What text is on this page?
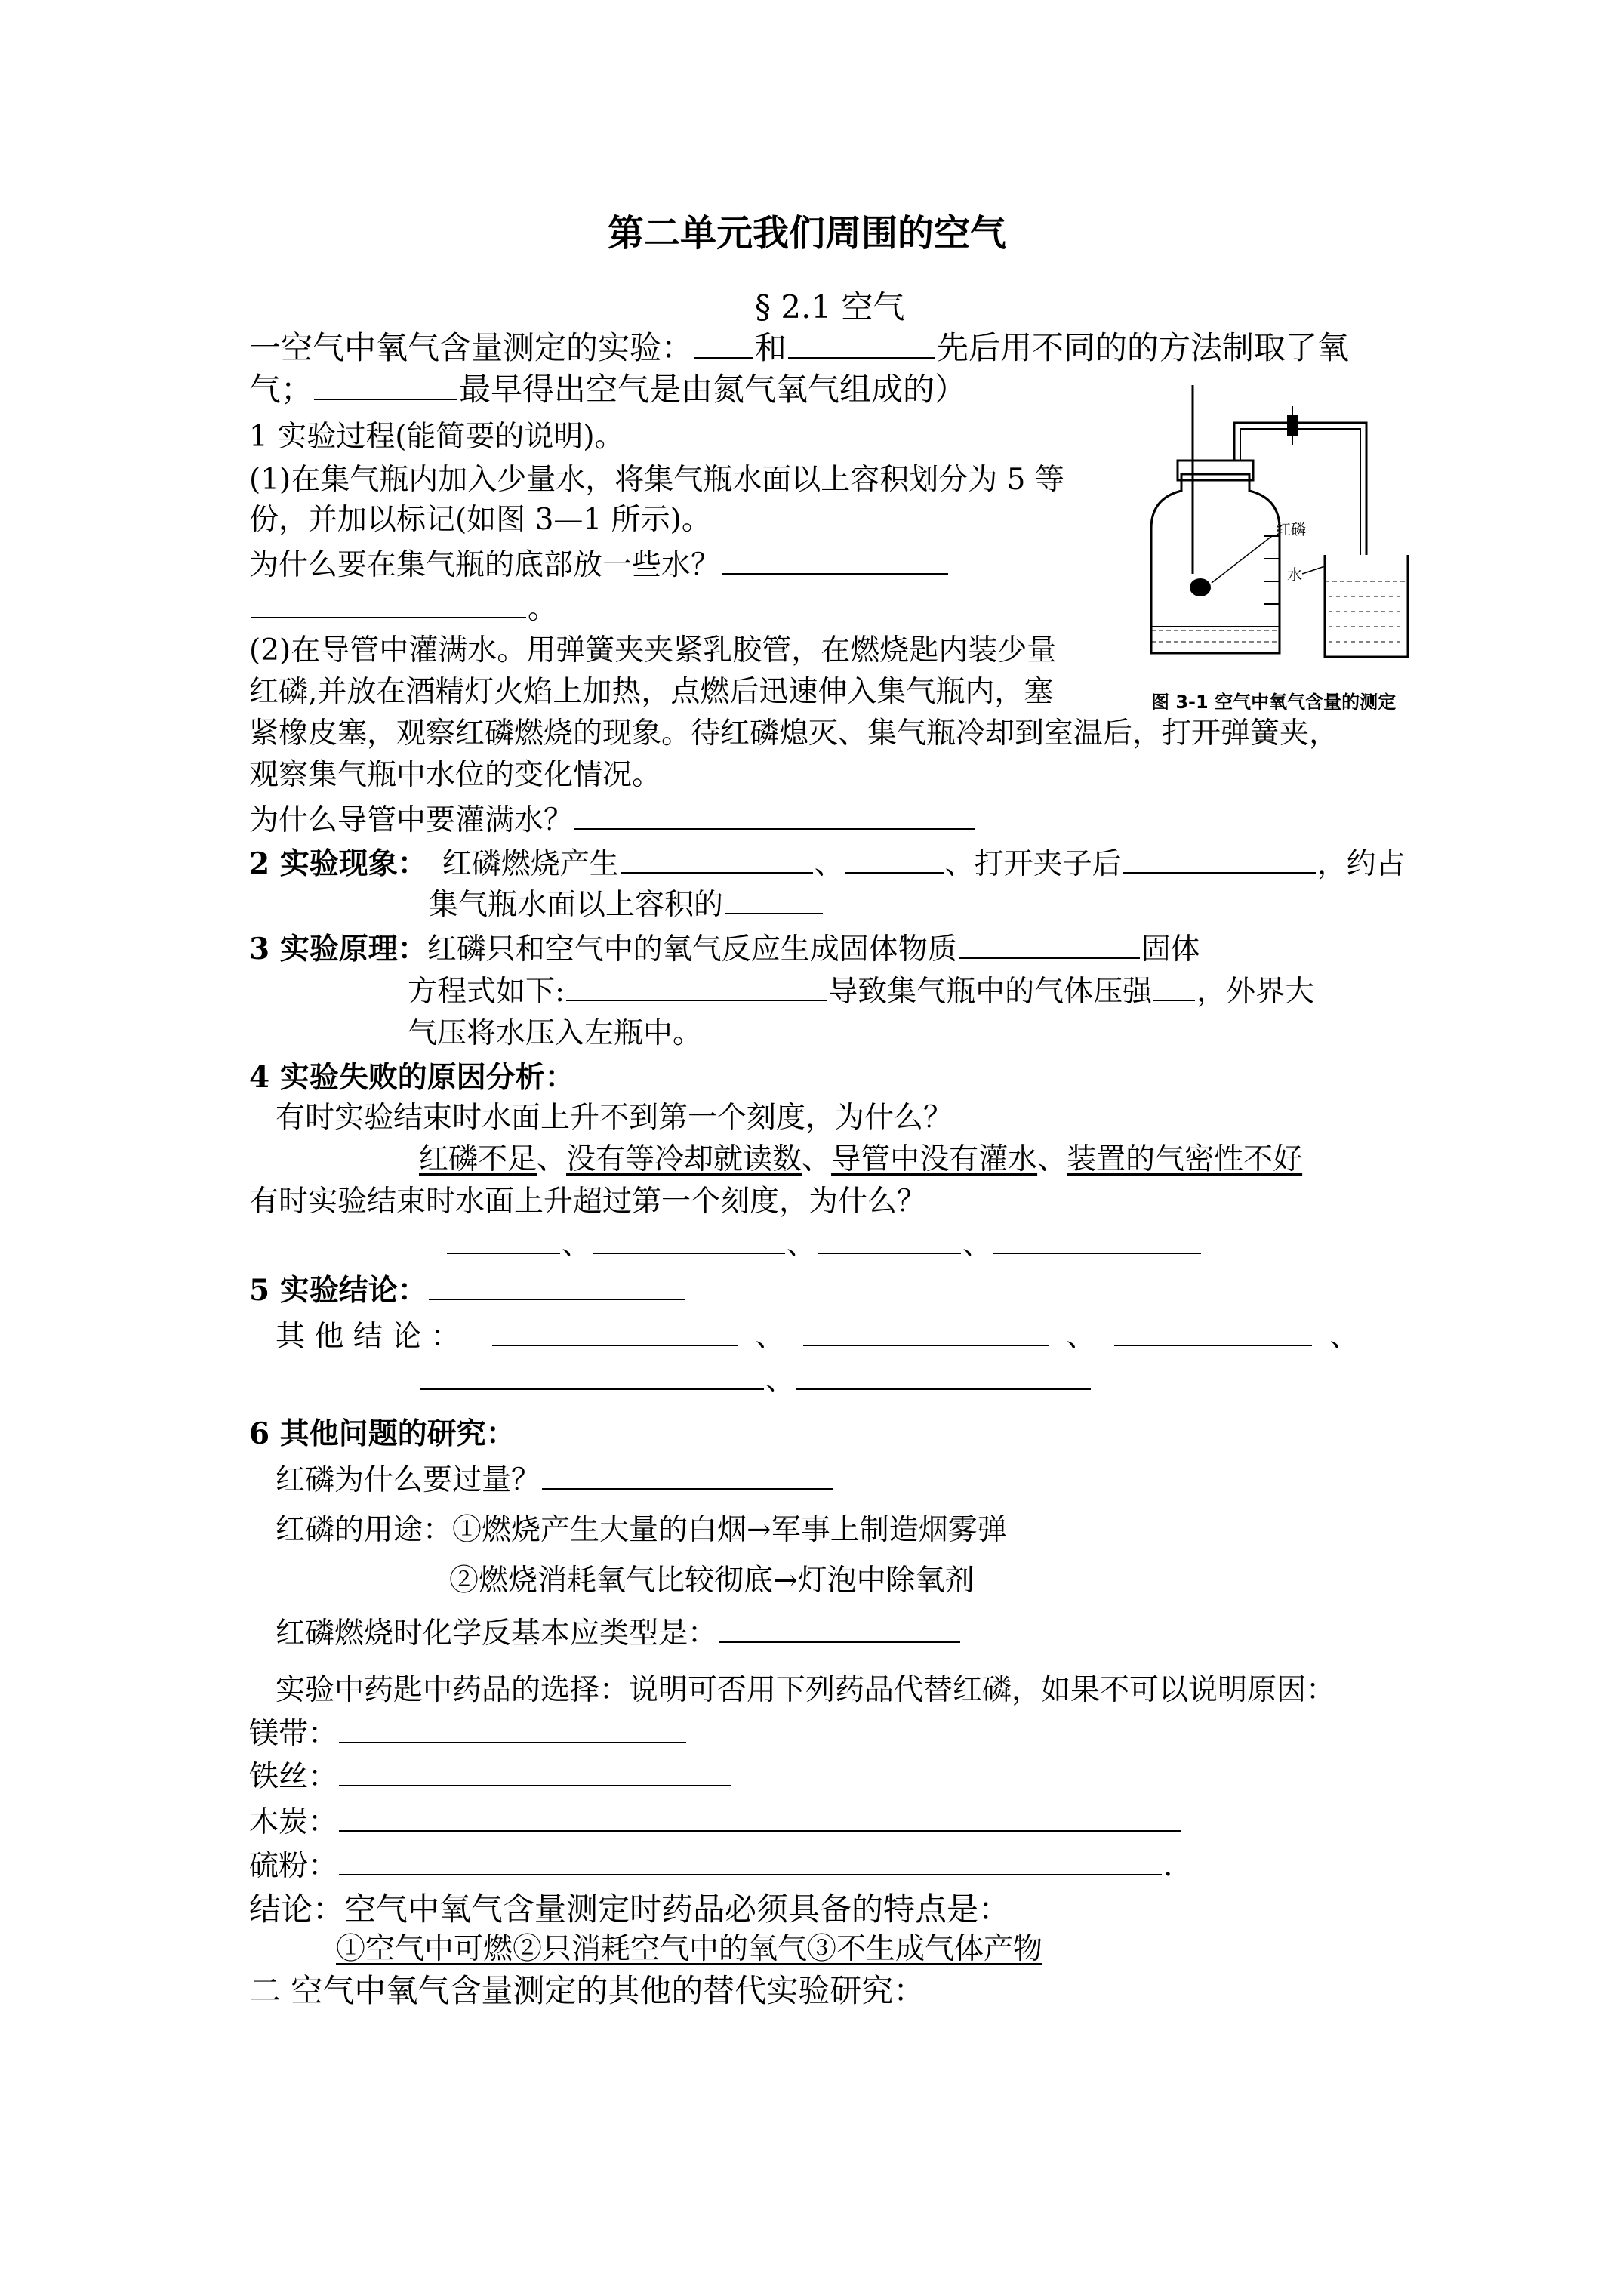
第二单元我们周围的空气
§ 2.1 空气
一空气中氧气含量测定的实验： 和	先后用不同的的方法制取了氧
气；	最早得出空气是由氮气氧气组成的）
1 实验过程(能简要的说明)。
(1)在集气瓶内加入少量水，将集气瓶水面以上容积划分为 5 等
份，并加以标记(如图 3—1 所示)。
为什么要在集气瓶的底部放一些水？
。
(2)在导管中灌满水。用弹簧夹夹紧乳胶管，在燃烧匙内装少量
红磷,并放在酒精灯火焰上加热，点燃后迅速伸入集气瓶内，塞
紧橡皮塞，观察红磷燃烧的现象。待红磷熄灭、集气瓶冷却到室温后，打开弹簧夹，
观察集气瓶中水位的变化情况。
为什么导管中要灌满水？
2 实验现象： 红磷燃烧产生	、	、打开夹子后	，约占
集气瓶水面以上容积的
3 实验原理：红磷只和空气中的氧气反应生成固体物质	固体
方程式如下:	导致集气瓶中的气体压强 ，外界大
气压将水压入左瓶中。
4 实验失败的原因分析：
有时实验结束时水面上升不到第一个刻度，为什么？
红磷不足、没有等冷却就读数、导管中没有灌水、装置的气密性不好
有时实验结束时水面上升超过第一个刻度，为什么？
、	、	、
5 实验结论：
其 他 结 论 ：	、	、	、
、
6 其他问题的研究：
红磷为什么要过量？
红磷的用途：①燃烧产生大量的白烟→军事上制造烟雾弹
②燃烧消耗氧气比较彻底→灯泡中除氧剂
红磷燃烧时化学反基本应类型是：
实验中药匙中药品的选择：说明可否用下列药品代替红磷，如果不可以说明原因：
镁带：
铁丝：
木炭：
硫粉：	.
结论：空气中氧气含量测定时药品必须具备的特点是：
①空气中可燃②只消耗空气中的氧气③不生成气体产物
二 空气中氧气含量测定的其他的替代实验研究：
红磷
水
图 3-1 空气中氧气含量的测定
